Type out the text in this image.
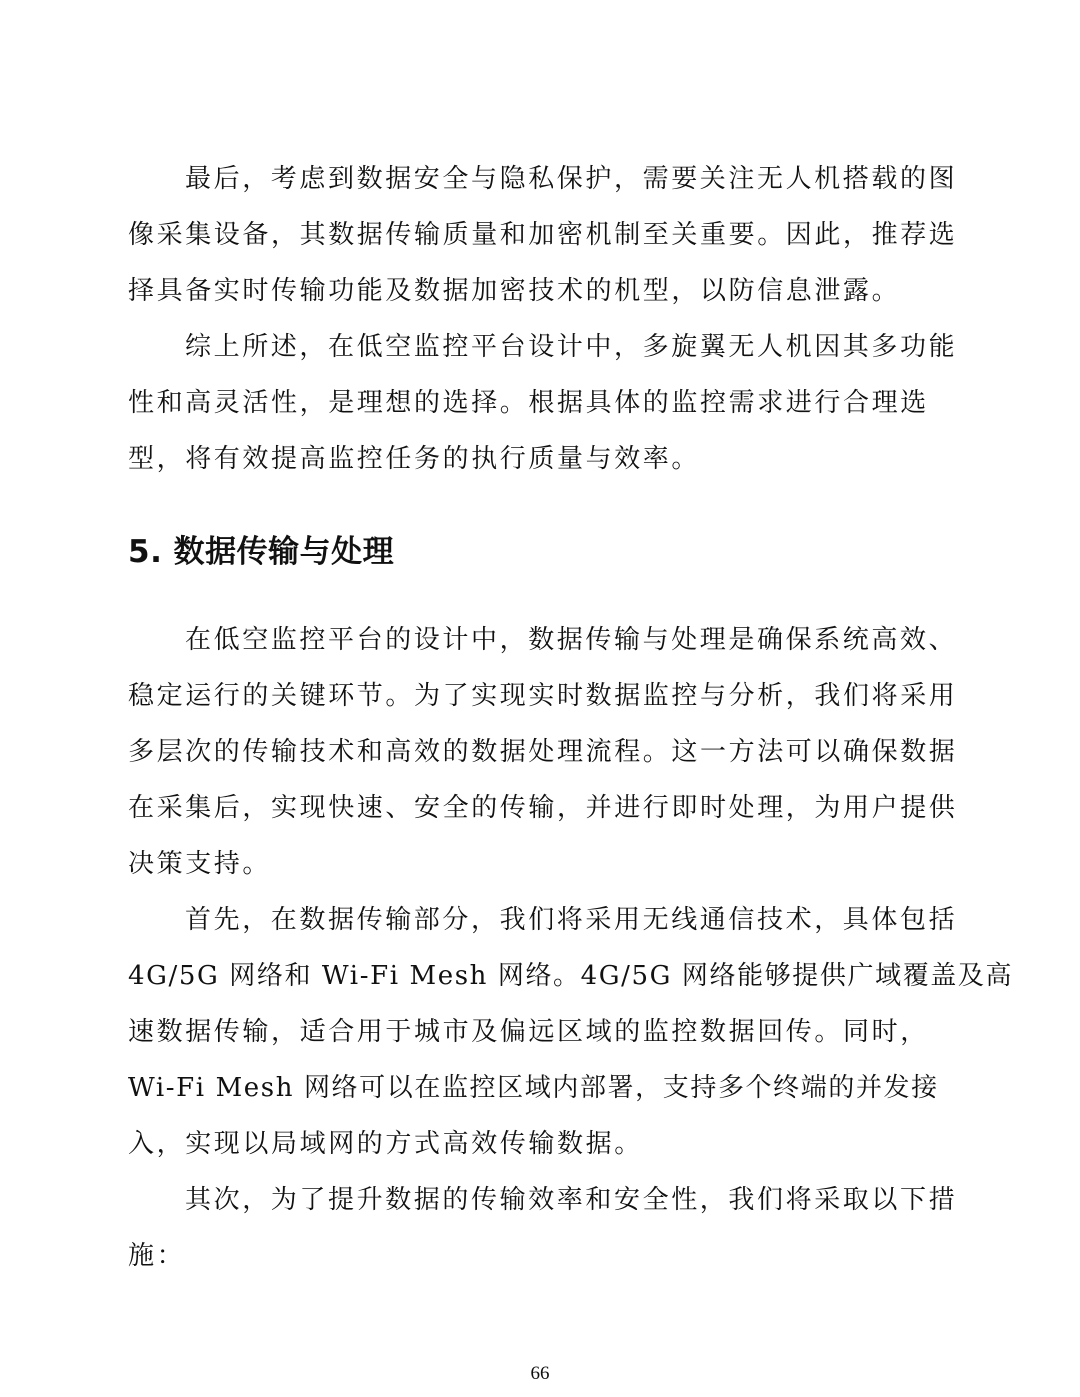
最后，考虑到数据安全与隐私保护，需要关注无人机搭载的图
像采集设备，其数据传输质量和加密机制至关重要。因此，推荐选
择具备实时传输功能及数据加密技术的机型，以防信息泄露。
综上所述，在低空监控平台设计中，多旋翼无人机因其多功能
性和高灵活性，是理想的选择。根据具体的监控需求进行合理选
型，将有效提高监控任务的执行质量与效率。
5. 数据传输与处理
在低空监控平台的设计中，数据传输与处理是确保系统高效、
稳定运行的关键环节。为了实现实时数据监控与分析，我们将采用
多层次的传输技术和高效的数据处理流程。这一方法可以确保数据
在采集后，实现快速、安全的传输，并进行即时处理，为用户提供
决策支持。
首先，在数据传输部分，我们将采用无线通信技术，具体包括
4G/5G 网络和 Wi-Fi Mesh 网络。4G/5G 网络能够提供广域覆盖及高
速数据传输，适合用于城市及偏远区域的监控数据回传。同时，
Wi-Fi Mesh 网络可以在监控区域内部署，支持多个终端的并发接
入，实现以局域网的方式高效传输数据。
其次，为了提升数据的传输效率和安全性，我们将采取以下措
施：
66
